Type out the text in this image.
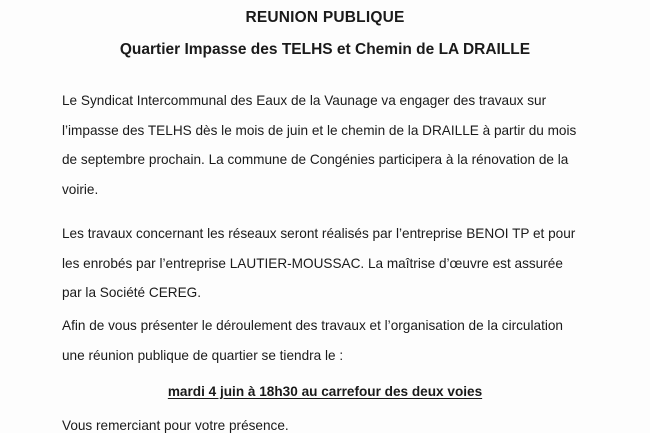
REUNION PUBLIQUE
Quartier Impasse des TELHS et Chemin de LA DRAILLE
Le Syndicat Intercommunal des Eaux de la Vaunage va engager des travaux sur
l’impasse des TELHS dès le mois de juin et le chemin de la DRAILLE à partir du mois
de septembre prochain. La commune de Congénies participera à la rénovation de la
voirie.
Les travaux concernant les réseaux seront réalisés par l’entreprise BENOI TP et pour
les enrobés par l’entreprise LAUTIER-MOUSSAC. La maîtrise d’œuvre est assurée
par la Société CEREG.
Afin de vous présenter le déroulement des travaux et l’organisation de la circulation
une réunion publique de quartier se tiendra le :
mardi 4 juin à 18h30 au carrefour des deux voies
Vous remerciant pour votre présence.
